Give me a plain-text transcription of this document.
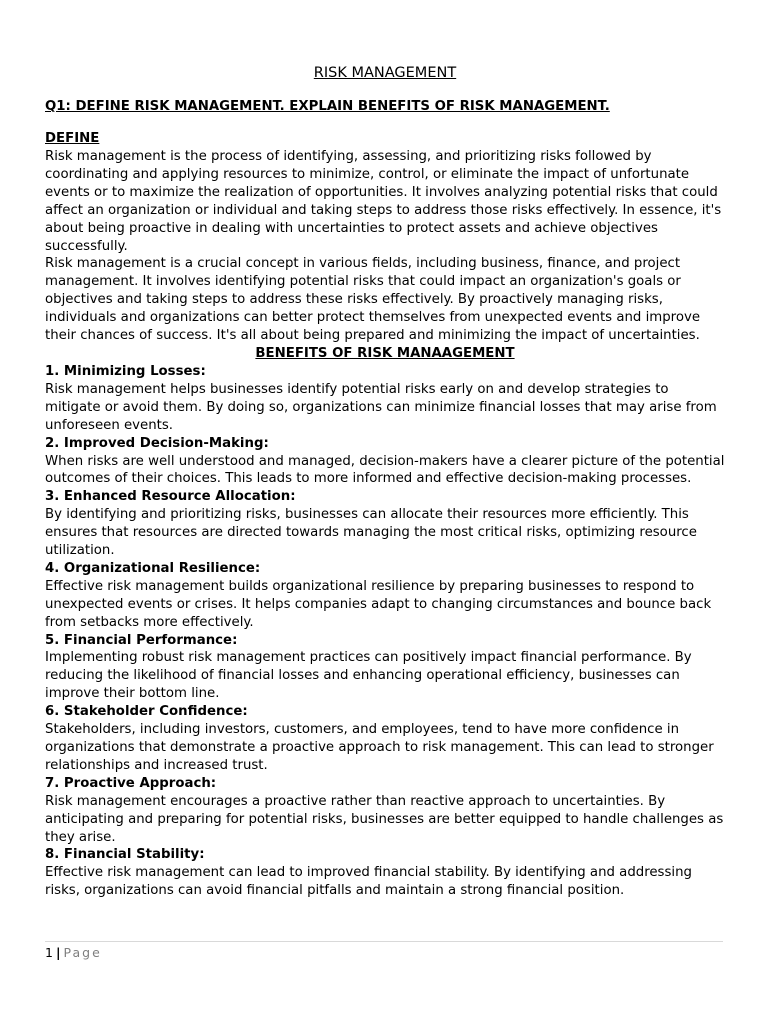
RISK MANAGEMENT
Q1: DEFINE RISK MANAGEMENT. EXPLAIN BENEFITS OF RISK MANAGEMENT.
DEFINE

Risk management is the process of identifying, assessing, and prioritizing risks followed by coordinating and applying resources to minimize, control, or eliminate the impact of unfortunate events or to maximize the realization of opportunities. It involves analyzing potential risks that could affect an organization or individual and taking steps to address those risks effectively. In essence, it's about being proactive in dealing with uncertainties to protect assets and achieve objectives successfully.

Risk management is a crucial concept in various fields, including business, finance, and project management. It involves identifying potential risks that could impact an organization's goals or objectives and taking steps to address these risks effectively. By proactively managing risks, individuals and organizations can better protect themselves from unexpected events and improve their chances of success. It's all about being prepared and minimizing the impact of uncertainties.

BENEFITS OF RISK MANAAGEMENT
1. Minimizing Losses:

Risk management helps businesses identify potential risks early on and develop strategies to mitigate or avoid them. By doing so, organizations can minimize financial losses that may arise from unforeseen events.

2. Improved Decision-Making:

When risks are well understood and managed, decision-makers have a clearer picture of the potential outcomes of their choices. This leads to more informed and effective decision-making processes.

3. Enhanced Resource Allocation:

By identifying and prioritizing risks, businesses can allocate their resources more efficiently. This ensures that resources are directed towards managing the most critical risks, optimizing resource utilization.

4. Organizational Resilience:

Effective risk management builds organizational resilience by preparing businesses to respond to unexpected events or crises. It helps companies adapt to changing circumstances and bounce back from setbacks more effectively.

5. Financial Performance:

Implementing robust risk management practices can positively impact financial performance. By reducing the likelihood of financial losses and enhancing operational efficiency, businesses can improve their bottom line.

6. Stakeholder Confidence:

Stakeholders, including investors, customers, and employees, tend to have more confidence in organizations that demonstrate a proactive approach to risk management. This can lead to stronger relationships and increased trust.

7. Proactive Approach:

Risk management encourages a proactive rather than reactive approach to uncertainties. By anticipating and preparing for potential risks, businesses are better equipped to handle challenges as they arise.

8. Financial Stability:

Effective risk management can lead to improved financial stability. By identifying and addressing risks, organizations can avoid financial pitfalls and maintain a strong financial position.

1 | Page
